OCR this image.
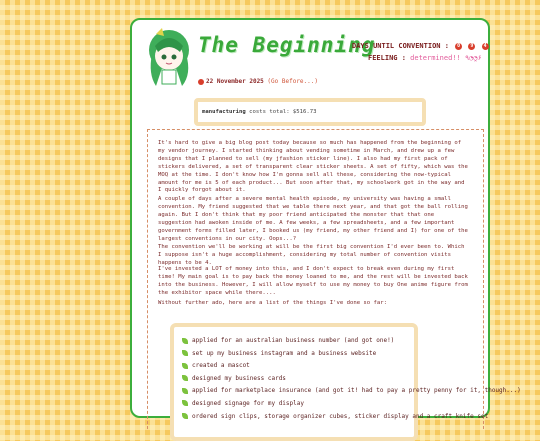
The Beginning
22 November 2025 (Go Before...)
DAYS UNTIL CONVENTION : 0 9 4
FEELING : determined!! ٩◔̯◔۶
manufacturing costs total: $516.73

It's hard to give a big blog post today because so much has happened from the beginning of my vendor journey. I started thinking about vending sometime in March, and drew up a few designs that I planned to sell (my jfashion sticker line). I also had my first pack of stickers delivered, a set of transparent clear sticker sheets. A set of fifty, which was the MOQ at the time. I don't know how I'm gonna sell all these, considering the now-typical amount for me is 5 of each product... But soon after that, my schoolwork got in the way and I quickly forgot about it.

A couple of days after a severe mental health episode, my university was having a small convention. My friend suggested that we table there next year, and that got the ball rolling again. But I don't think that my poor friend anticipated the monster that that one suggestion had awoken inside of me. A few weeks, a few spreadsheets, and a few important government forms filled later, I booked us (my friend, my other friend and I) for one of the largest conventions in our city. Oops...?

The convention we'll be working at will be the first big convention I'd ever been to. Which I suppose isn't a huge accomplishment, considering my total number of convention visits happens to be 4.

I've invested a LOT of money into this, and I don't expect to break even during my first time! My main goal is to pay back the money loaned to me, and the rest will be invested back into the business. However, I will allow myself to use my money to buy One anime figure from the exhibitor space while there....

Without further ado, here are a list of the things I've done so far:

applied for an australian business number (and got one!)
set up my business instagram and a business website
created a mascot
designed my business cards
applied for marketplace insurance (and got it! had to pay a pretty penny for it, though...)
designed signage for my display
ordered sign clips, storage organizer cubes, sticker display and a craft knife set
